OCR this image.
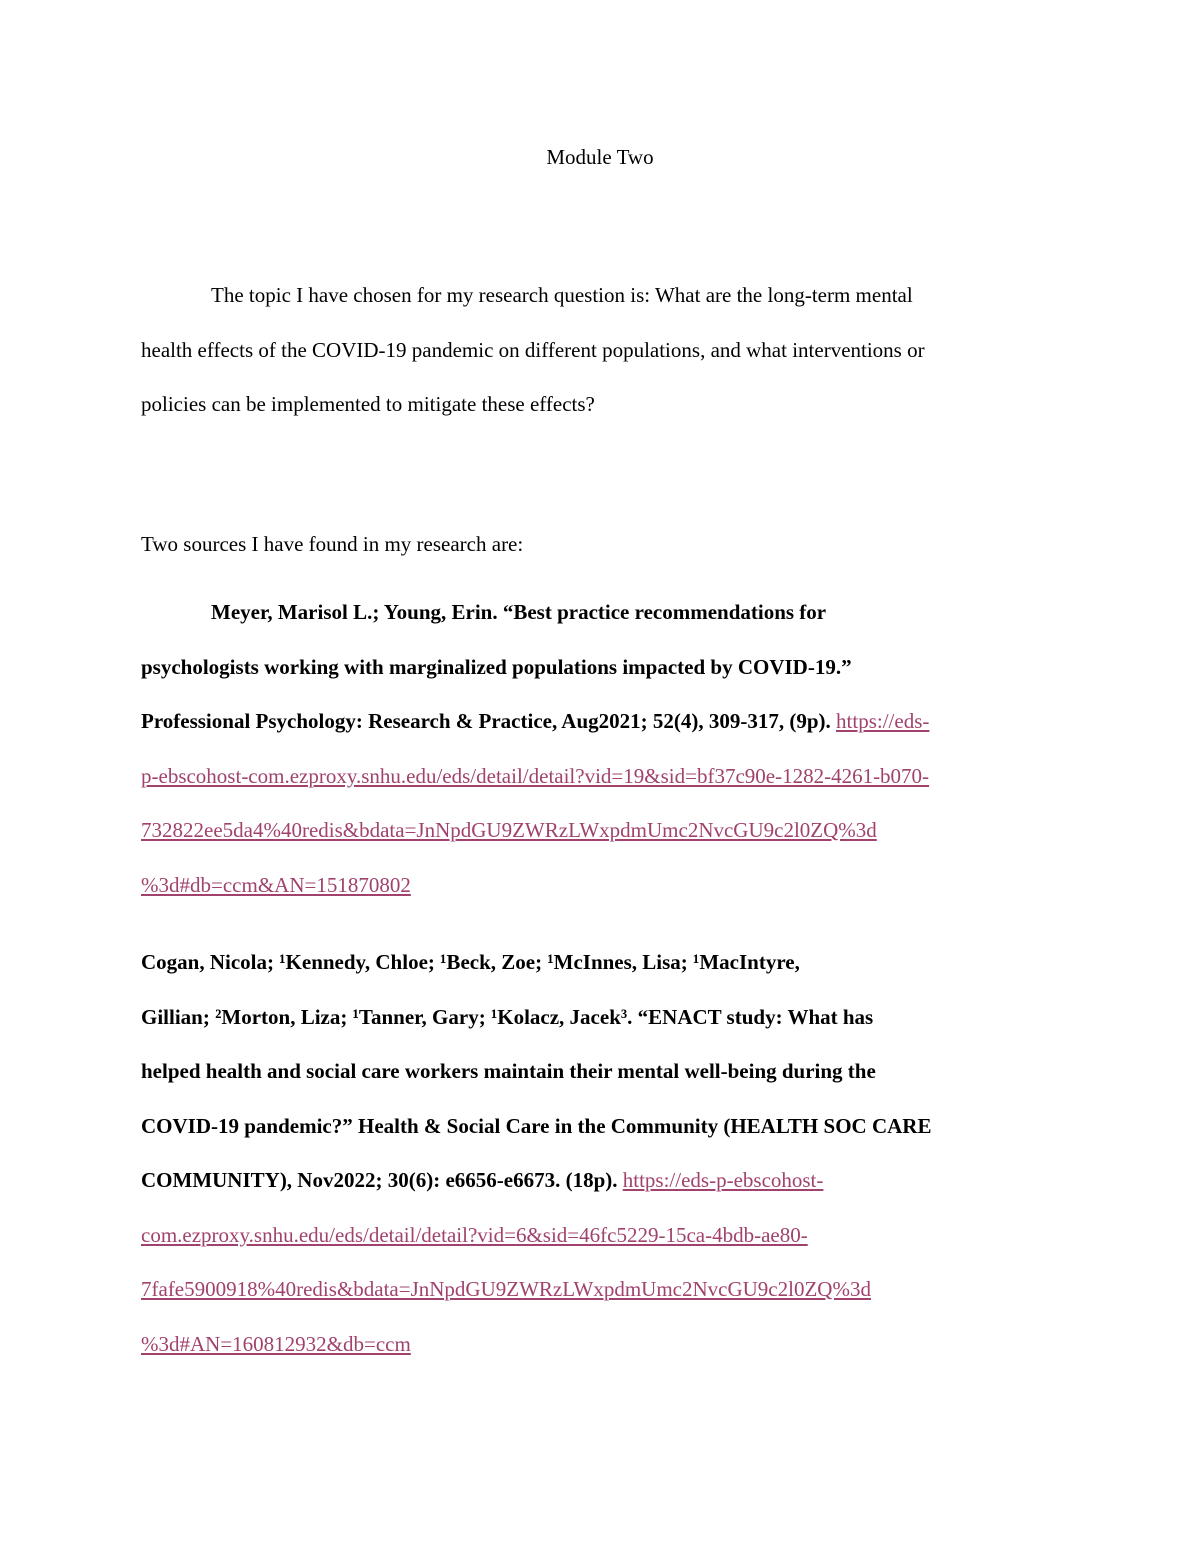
Module Two
The topic I have chosen for my research question is: What are the long-term mental
health effects of the COVID-19 pandemic on different populations, and what interventions or
policies can be implemented to mitigate these effects?
Two sources I have found in my research are:
Meyer, Marisol L.; Young, Erin. “Best practice recommendations for
psychologists working with marginalized populations impacted by COVID-19.”
Professional Psychology: Research & Practice, Aug2021; 52(4), 309-317, (9p). https://eds-
p-ebscohost-com.ezproxy.snhu.edu/eds/detail/detail?vid=19&sid=bf37c90e-1282-4261-b070-
732822ee5da4%40redis&bdata=JnNpdGU9ZWRzLWxpdmUmc2NvcGU9c2l0ZQ%3d
%3d#db=ccm&AN=151870802
Cogan, Nicola; ¹Kennedy, Chloe; ¹Beck, Zoe; ¹McInnes, Lisa; ¹MacIntyre,
Gillian; ²Morton, Liza; ¹Tanner, Gary; ¹Kolacz, Jacek³. “ENACT study: What has
helped health and social care workers maintain their mental well-being during the
COVID-19 pandemic?” Health & Social Care in the Community (HEALTH SOC CARE
COMMUNITY), Nov2022; 30(6): e6656-e6673. (18p). https://eds-p-ebscohost-
com.ezproxy.snhu.edu/eds/detail/detail?vid=6&sid=46fc5229-15ca-4bdb-ae80-
7fafe5900918%40redis&bdata=JnNpdGU9ZWRzLWxpdmUmc2NvcGU9c2l0ZQ%3d
%3d#AN=160812932&db=ccm
